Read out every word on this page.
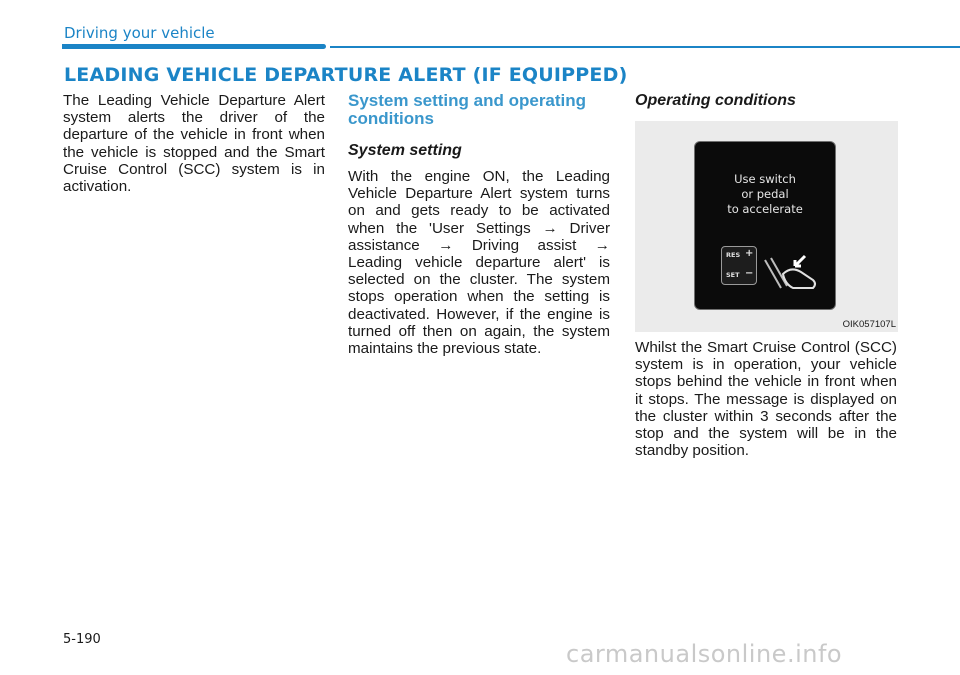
Driving your vehicle
LEADING VEHICLE DEPARTURE ALERT (IF EQUIPPED)

The Leading Vehicle Departure Alert system alerts the driver of the departure of the vehicle in front when the vehicle is stopped and the Smart Cruise Control (SCC) system is in activation.

System setting and operating conditions
System setting

With the engine ON, the Leading Vehicle Departure Alert system turns on and gets ready to be activated when the 'User Settings → Driver assistance → Driving assist → Leading vehicle departure alert' is selected on the cluster. The system stops operation when the setting is deactivated. However, if the engine is turned off then on again, the system maintains the previous state.

Operating conditions
Use switch
or pedal
to accelerate
RES +
SET −
OIK057107L

Whilst the Smart Cruise Control (SCC) system is in operation, your vehicle stops behind the vehicle in front when it stops. The message is displayed on the cluster within 3 seconds after the stop and the system will be in the standby position.

5-190
carmanualsonline.info
